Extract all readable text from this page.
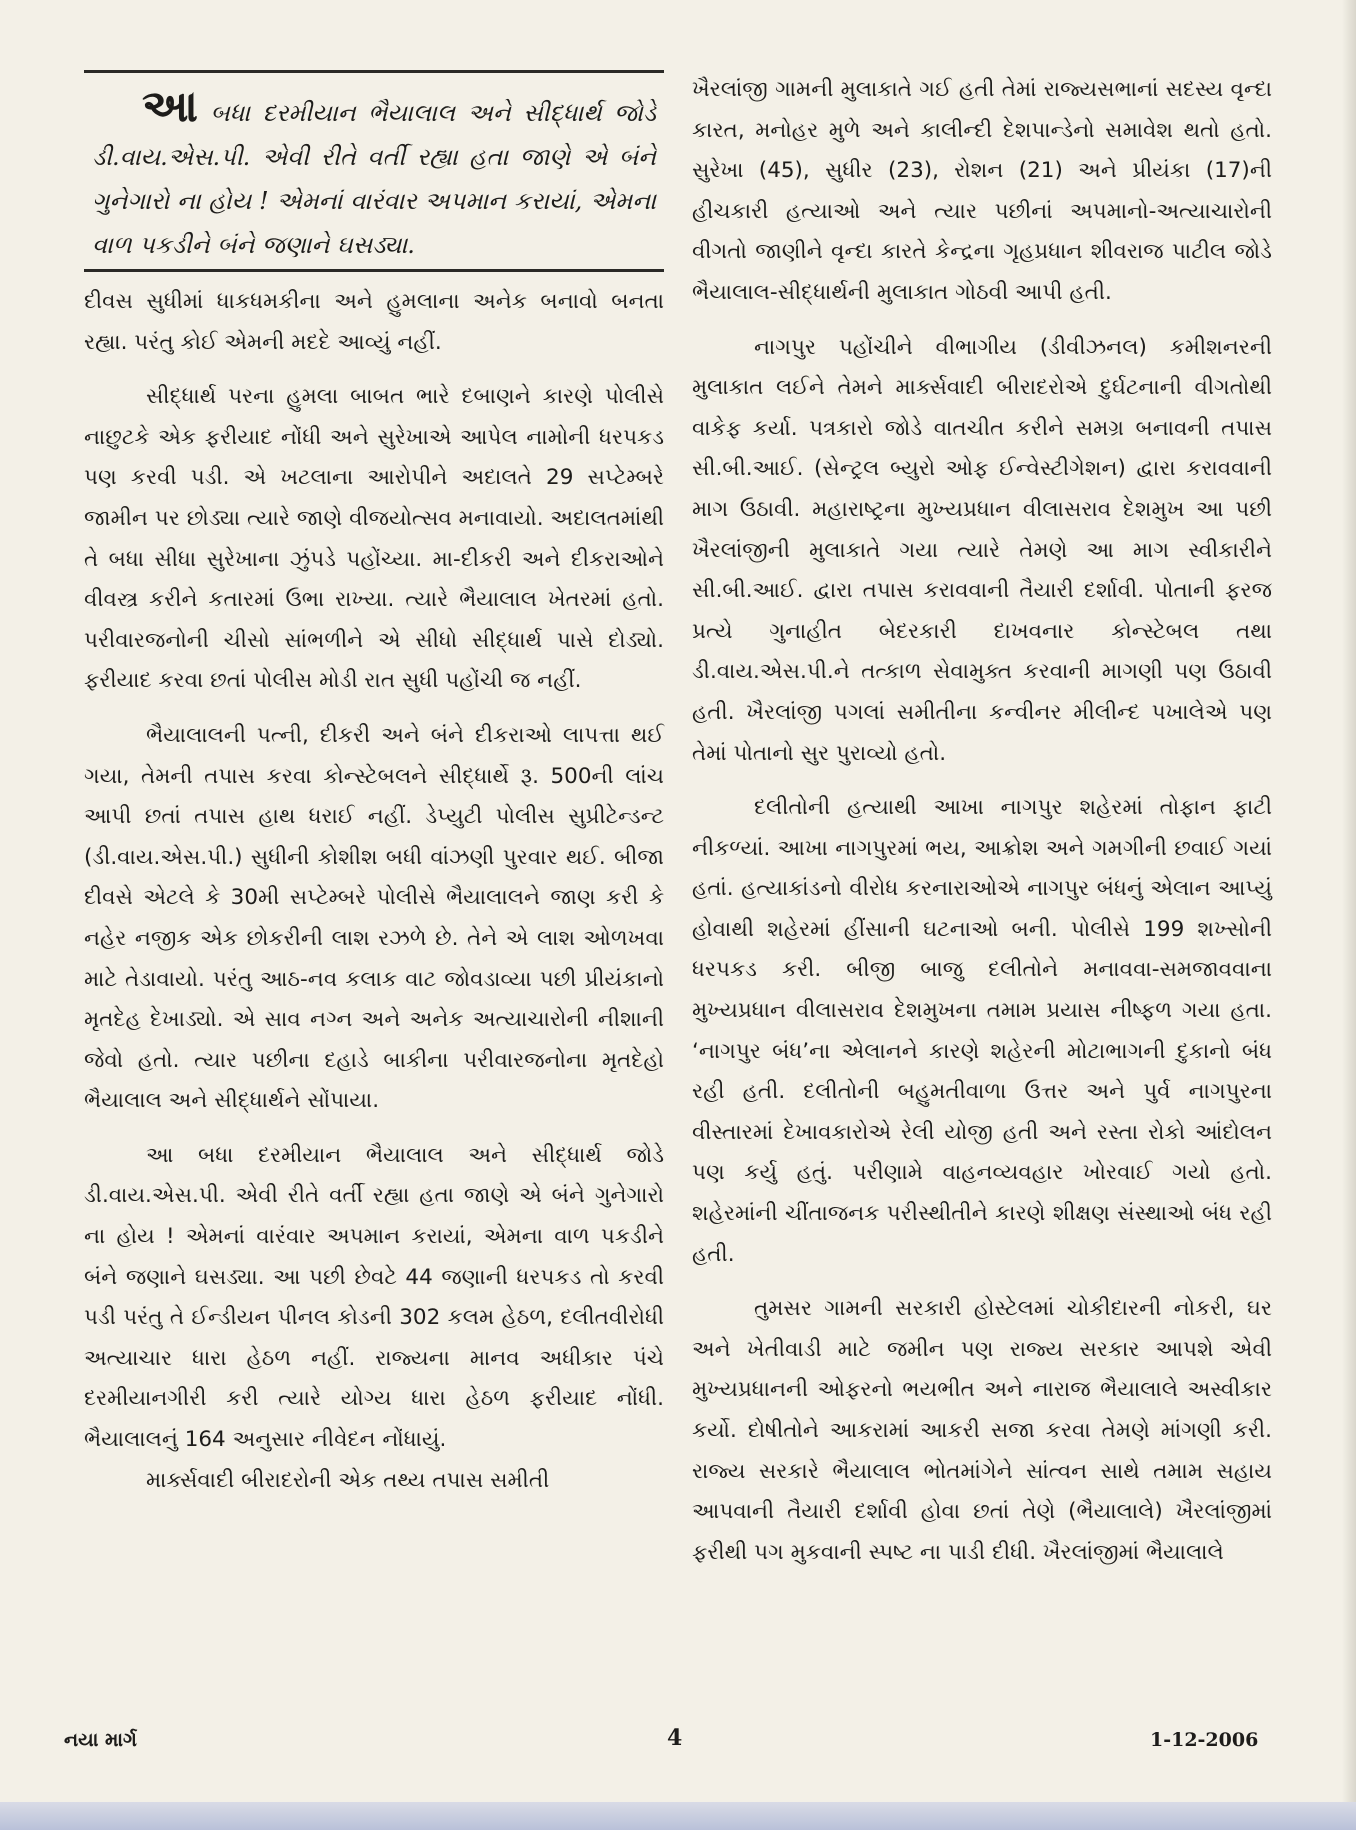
આ બધા દરમીયાન ભૈયાલાલ અને સીદ્ધાર્થ જોડે ડી.વાય.એસ.પી. એવી રીતે વર્તી રહ્યા હતા જાણે એ બંને ગુનેગારો ના હોય ! એમનાં વારંવાર અપમાન કરાયાં, એમના વાળ પકડીને બંને જણાને ઘસડ્યા.

દીવસ સુધીમાં ધાકધમકીના અને હુમલાના અનેક બનાવો બનતા રહ્યા. પરંતુ કોઈ એમની મદદે આવ્યું નહીં.

સીદ્ધાર્થ પરના હુમલા બાબત ભારે દબાણને કારણે પોલીસે નાછુટકે એક ફરીયાદ નોંધી અને સુરેખાએ આપેલ નામોની ધરપકડ પણ કરવી પડી. એ ખટલાના આરોપીને અદાલતે 29 સપ્ટેમ્બરે જામીન પર છોડ્યા ત્યારે જાણે વીજયોત્સવ મનાવાયો. અદાલતમાંથી તે બધા સીધા સુરેખાના ઝુંપડે પહોંચ્યા. મા-દીકરી અને દીકરાઓને વીવસ્ત્ર કરીને કતારમાં ઉભા રાખ્યા. ત્યારે ભૈયાલાલ ખેતરમાં હતો. પરીવારજનોની ચીસો સાંભળીને એ સીધો સીદ્ધાર્થ પાસે દોડ્યો. ફરીયાદ કરવા છતાં પોલીસ મોડી રાત સુધી પહોંચી જ નહીં.

ભૈયાલાલની પત્ની, દીકરી અને બંને દીકરાઓ લાપત્તા થઈ ગયા, તેમની તપાસ કરવા કોન્સ્ટેબલને સીદ્ધાર્થે રૂ. 500ની લાંચ આપી છતાં તપાસ હાથ ધરાઈ નહીં. ડેપ્યુટી પોલીસ સુપ્રીટેન્ડન્ટ (ડી.વાય.એસ.પી.) સુધીની કોશીશ બધી વાંઝણી પુરવાર થઈ. બીજા દીવસે એટલે કે 30મી સપ્ટેમ્બરે પોલીસે ભૈયાલાલને જાણ કરી કે નહેર નજીક એક છોકરીની લાશ રઝળે છે. તેને એ લાશ ઓળખવા માટે તેડાવાયો. પરંતુ આઠ-નવ કલાક વાટ જોવડાવ્યા પછી પ્રીયંકાનો મૃતદેહ દેખાડ્યો. એ સાવ નગ્ન અને અનેક અત્યાચારોની નીશાની જેવો હતો. ત્યાર પછીના દહાડે બાકીના પરીવારજનોના મૃતદેહો ભૈયાલાલ અને સીદ્ધાર્થને સોંપાયા.

આ બધા દરમીયાન ભૈયાલાલ અને સીદ્ધાર્થ જોડે ડી.વાય.એસ.પી. એવી રીતે વર્તી રહ્યા હતા જાણે એ બંને ગુનેગારો ના હોય ! એમનાં વારંવાર અપમાન કરાયાં, એમના વાળ પકડીને બંને જણાને ઘસડ્યા. આ પછી છેવટે 44 જણાની ધરપકડ તો કરવી પડી પરંતુ તે ઈન્ડીયન પીનલ કોડની 302 કલમ હેઠળ, દલીતવીરોધી અત્યાચાર ધારા હેઠળ નહીં. રાજ્યના માનવ અધીકાર પંચે દરમીયાનગીરી કરી ત્યારે યોગ્ય ધારા હેઠળ ફરીયાદ નોંધી. ભૈયાલાલનું 164 અનુસાર નીવેદન નોંધાયું.

માર્ક્સવાદી બીરાદરોની એક તથ્ય તપાસ સમીતી

ખૈરલાંજી ગામની મુલાકાતે ગઈ હતી તેમાં રાજ્યસભાનાં સદસ્ય વૃન્દા કારત, મનોહર મુળે અને કાલીન્દી દેશપાન્ડેનો સમાવેશ થતો હતો. સુરેખા (45), સુધીર (23), રોશન (21) અને પ્રીયંકા (17)ની હીચકારી હત્યાઓ અને ત્યાર પછીનાં અપમાનો-અત્યાચારોની વીગતો જાણીને વૃન્દા કારતે કેન્દ્રના ગૃહપ્રધાન શીવરાજ પાટીલ જોડે ભૈયાલાલ-સીદ્ધાર્થની મુલાકાત ગોઠવી આપી હતી.

નાગપુર પહોંચીને વીભાગીય (ડીવીઝનલ) કમીશનરની મુલાકાત લઈને તેમને માર્ક્સવાદી બીરાદરોએ દુર્ઘટનાની વીગતોથી વાકેફ કર્યા. પત્રકારો જોડે વાતચીત કરીને સમગ્ર બનાવની તપાસ સી.બી.આઈ. (સેન્ટ્રલ બ્યુરો ઓફ ઈન્વેસ્ટીગેશન) દ્વારા કરાવવાની માગ ઉઠાવી. મહારાષ્ટ્રના મુખ્યપ્રધાન વીલાસરાવ દેશમુખ આ પછી ખૈરલાંજીની મુલાકાતે ગયા ત્યારે તેમણે આ માગ સ્વીકારીને સી.બી.આઈ. દ્વારા તપાસ કરાવવાની તૈયારી દર્શાવી. પોતાની ફરજ પ્રત્યે ગુનાહીત બેદરકારી દાખવનાર કોન્સ્ટેબલ તથા ડી.વાય.એસ.પી.ને તત્કાળ સેવામુક્ત કરવાની માગણી પણ ઉઠાવી હતી. ખૈરલાંજી પગલાં સમીતીના કન્વીનર મીલીન્દ પખાલેએ પણ તેમાં પોતાનો સુર પુરાવ્યો હતો.

દલીતોની હત્યાથી આખા નાગપુર શહેરમાં તોફાન ફાટી નીકળ્યાં. આખા નાગપુરમાં ભય, આક્રોશ અને ગમગીની છવાઈ ગયાં હતાં. હત્યાકાંડનો વીરોધ કરનારાઓએ નાગપુર બંધનું એલાન આપ્યું હોવાથી શહેરમાં હીંસાની ઘટનાઓ બની. પોલીસે 199 શખ્સોની ધરપકડ કરી. બીજી બાજુ દલીતોને મનાવવા-સમજાવવાના મુખ્યપ્રધાન વીલાસરાવ દેશમુખના તમામ પ્રયાસ નીષ્ફળ ગયા હતા. ‘નાગપુર બંધ’ના એલાનને કારણે શહેરની મોટાભાગની દુકાનો બંધ રહી હતી. દલીતોની બહુમતીવાળા ઉત્તર અને પુર્વ નાગપુરના વીસ્તારમાં દેખાવકારોએ રેલી યોજી હતી અને રસ્તા રોકો આંદોલન પણ કર્યુ હતું. પરીણામે વાહનવ્યવહાર ખોરવાઈ ગયો હતો. શહેરમાંની ચીંતાજનક પરીસ્થીતીને કારણે શીક્ષણ સંસ્થાઓ બંધ રહી હતી.

તુમસર ગામની સરકારી હોસ્ટેલમાં ચોકીદારની નોકરી, ઘર અને ખેતીવાડી માટે જમીન પણ રાજ્ય સરકાર આપશે એવી મુખ્યપ્રધાનની ઓફરનો ભયભીત અને નારાજ ભૈયાલાલે અસ્વીકાર કર્યો. દોષીતોને આકરામાં આકરી સજા કરવા તેમણે માંગણી કરી. રાજ્ય સરકારે ભૈયાલાલ ભોતમાંગેને સાંત્વન સાથે તમામ સહાય આપવાની તૈયારી દર્શાવી હોવા છતાં તેણે (ભૈયાલાલે) ખૈરલાંજીમાં ફરીથી પગ મુકવાની સ્પષ્ટ ના પાડી દીધી. ખૈરલાંજીમાં ભૈયાલાલે

નયા માર્ગ	4	1-12-2006
